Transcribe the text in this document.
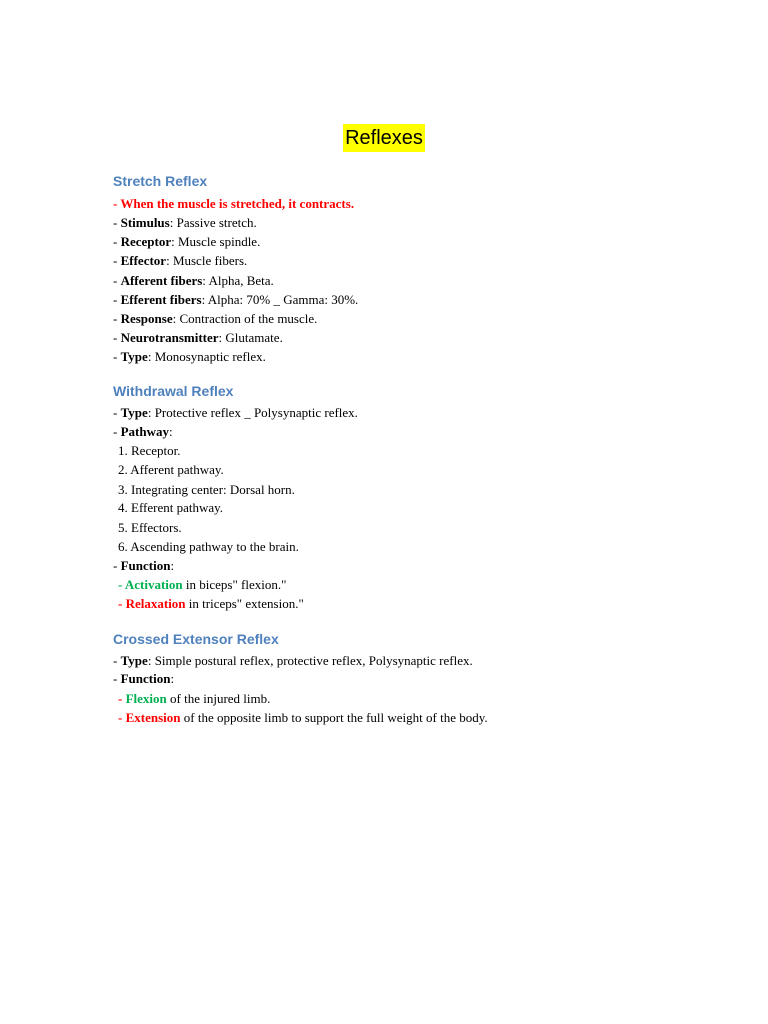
Reflexes
Stretch Reflex
- When the muscle is stretched, it contracts.
- Stimulus: Passive stretch.
- Receptor: Muscle spindle.
- Effector: Muscle fibers.
- Afferent fibers: Alpha, Beta.
- Efferent fibers: Alpha: 70% _ Gamma: 30%.
- Response: Contraction of the muscle.
- Neurotransmitter: Glutamate.
- Type: Monosynaptic reflex.
Withdrawal Reflex
- Type: Protective reflex _ Polysynaptic reflex.
- Pathway:
1. Receptor.
2. Afferent pathway.
3. Integrating center: Dorsal horn.
4. Efferent pathway.
5. Effectors.
6. Ascending pathway to the brain.
- Function:
- Activation in biceps" flexion."
- Relaxation in triceps" extension."
Crossed Extensor Reflex
- Type: Simple postural reflex, protective reflex, Polysynaptic reflex.
- Function:
- Flexion of the injured limb.
- Extension of the opposite limb to support the full weight of the body.
